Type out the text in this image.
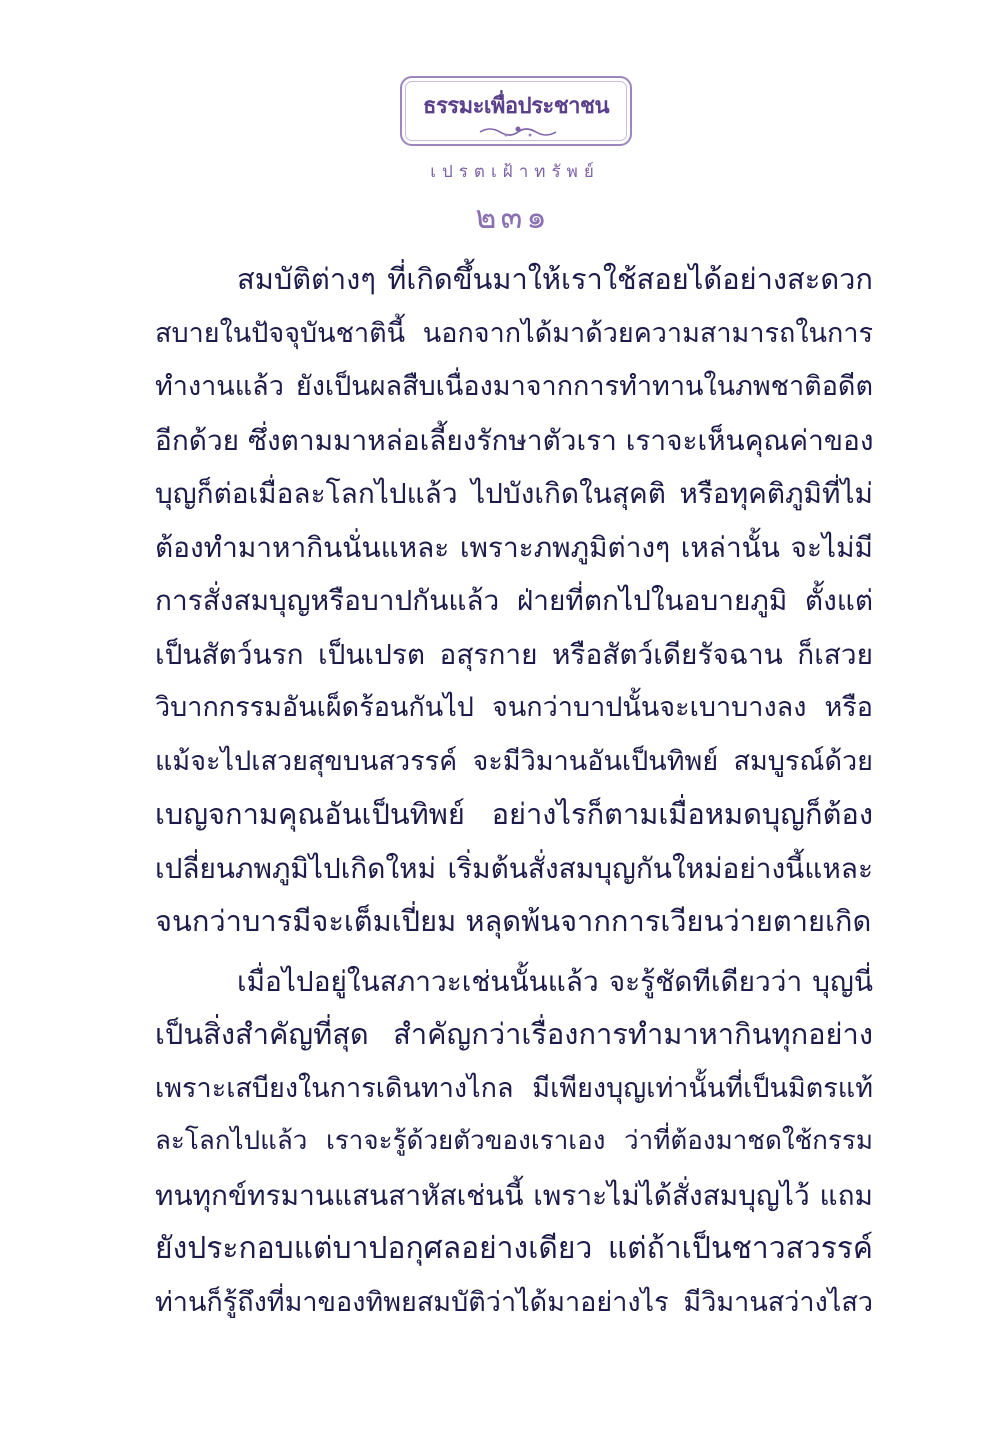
ธรรมะเพื่อประชาชน
เปรตเฝ้าทรัพย์
๒๓๑
สมบัติต่างๆ ที่เกิดขึ้นมาให้เราใช้สอยได้อย่างสะดวก
สบายในปัจจุบันชาตินี้ นอกจากได้มาด้วยความสามารถในการ
ทำงานแล้ว ยังเป็นผลสืบเนื่องมาจากการทำทานในภพชาติอดีต
อีกด้วย ซึ่งตามมาหล่อเลี้ยงรักษาตัวเรา เราจะเห็นคุณค่าของ
บุญก็ต่อเมื่อละโลกไปแล้ว ไปบังเกิดในสุคติ หรือทุคติภูมิที่ไม่
ต้องทำมาหากินนั่นแหละ เพราะภพภูมิต่างๆ เหล่านั้น จะไม่มี
การสั่งสมบุญหรือบาปกันแล้ว ฝ่ายที่ตกไปในอบายภูมิ ตั้งแต่
เป็นสัตว์นรก เป็นเปรต อสุรกาย หรือสัตว์เดียรัจฉาน ก็เสวย
วิบากกรรมอันเผ็ดร้อนกันไป จนกว่าบาปนั้นจะเบาบางลง หรือ
แม้จะไปเสวยสุขบนสวรรค์ จะมีวิมานอันเป็นทิพย์ สมบูรณ์ด้วย
เบญจกามคุณอันเป็นทิพย์ อย่างไรก็ตามเมื่อหมดบุญก็ต้อง
เปลี่ยนภพภูมิไปเกิดใหม่ เริ่มต้นสั่งสมบุญกันใหม่อย่างนี้แหละ
จนกว่าบารมีจะเต็มเปี่ยม หลุดพ้นจากการเวียนว่ายตายเกิด
เมื่อไปอยู่ในสภาวะเช่นนั้นแล้ว จะรู้ชัดทีเดียวว่า บุญนี่
เป็นสิ่งสำคัญที่สุด สำคัญกว่าเรื่องการทำมาหากินทุกอย่าง
เพราะเสบียงในการเดินทางไกล มีเพียงบุญเท่านั้นที่เป็นมิตรแท้
ละโลกไปแล้ว เราจะรู้ด้วยตัวของเราเอง ว่าที่ต้องมาชดใช้กรรม
ทนทุกข์ทรมานแสนสาหัสเช่นนี้ เพราะไม่ได้สั่งสมบุญไว้ แถม
ยังประกอบแต่บาปอกุศลอย่างเดียว แต่ถ้าเป็นชาวสวรรค์
ท่านก็รู้ถึงที่มาของทิพยสมบัติว่าได้มาอย่างไร มีวิมานสว่างไสว
